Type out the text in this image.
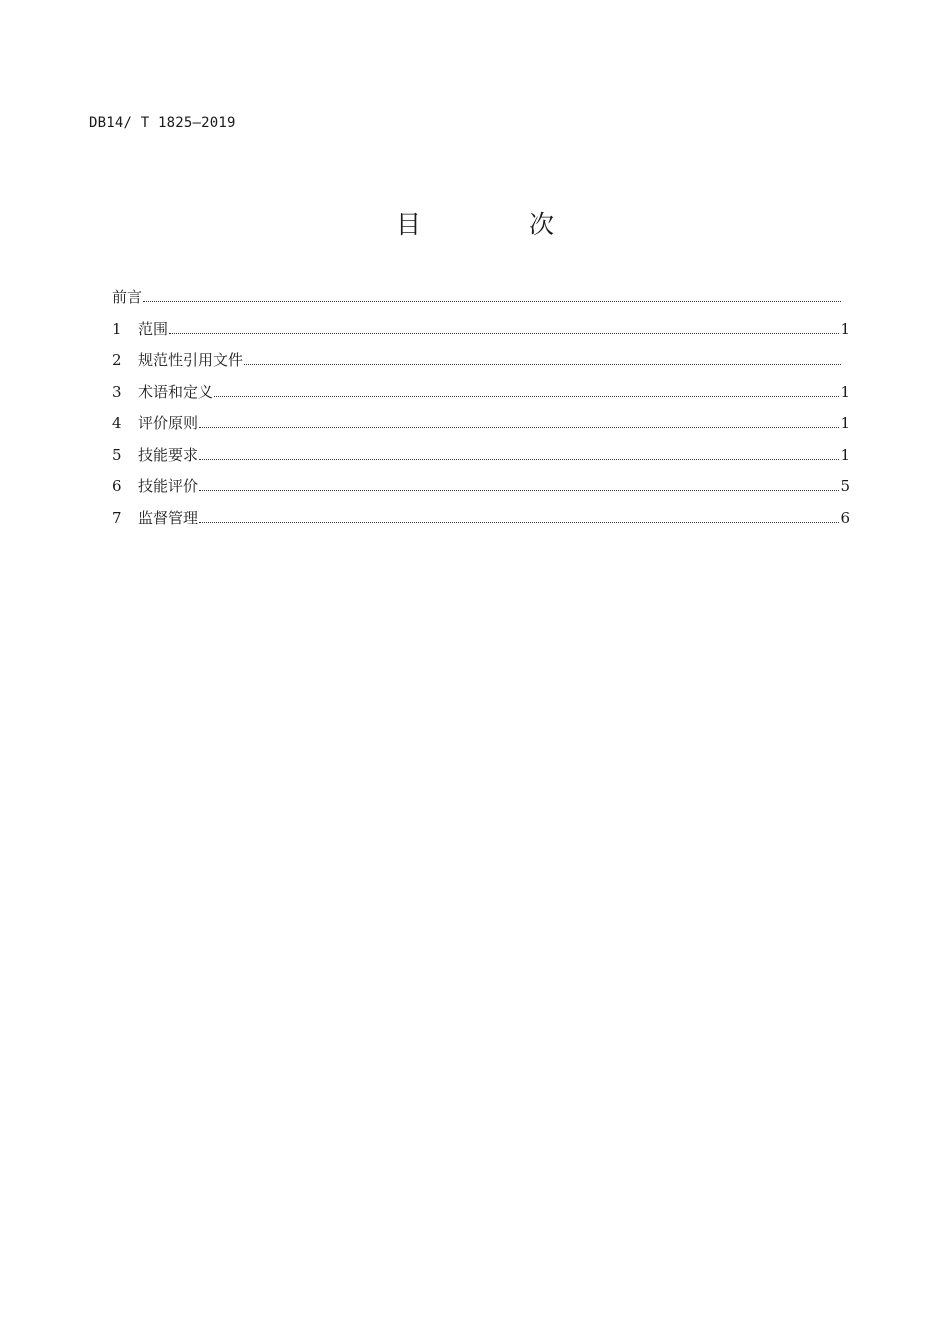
DB14/ T 1825—2019
目 次
前言
1	范围	1
2	规范性引用文件
3	术语和定义	1
4	评价原则	1
5	技能要求	1
6	技能评价	5
7	监督管理	6
